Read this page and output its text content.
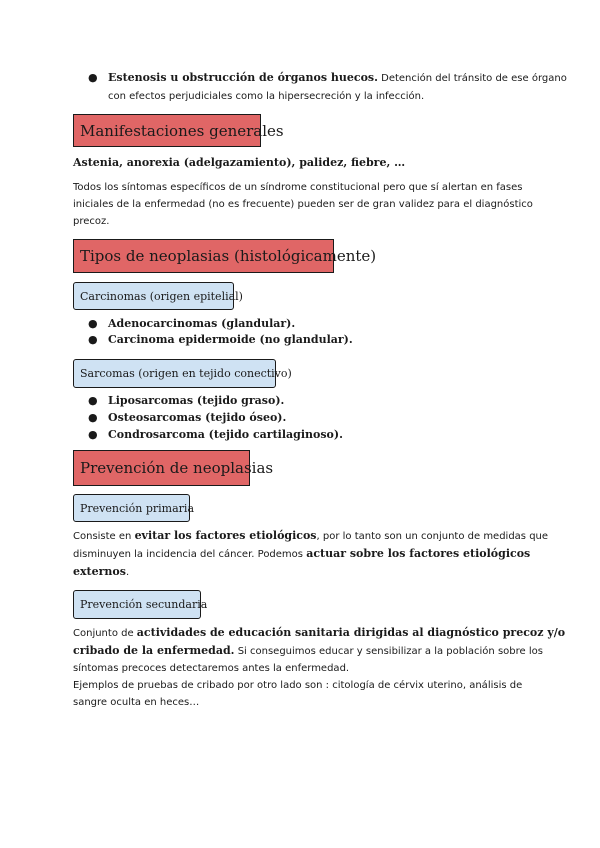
● Estenosis u obstrucción de órganos huecos. Detención del tránsito de ese órgano
con efectos perjudiciales como la hipersecreción y la infección.
Manifestaciones generales
Astenia, anorexia (adelgazamiento), palidez, fiebre, …
Todos los síntomas específicos de un síndrome constitucional pero que sí alertan en fases
iniciales de la enfermedad (no es frecuente) pueden ser de gran validez para el diagnóstico
precoz.
Tipos de neoplasias (histológicamente)
Carcinomas (origen epitelial)
● Adenocarcinomas (glandular).
● Carcinoma epidermoide (no glandular).
Sarcomas (origen en tejido conectivo)
● Liposarcomas (tejido graso).
● Osteosarcomas (tejido óseo).
● Condrosarcoma (tejido cartilaginoso).
Prevención de neoplasias
Prevención primaria
Consiste en evitar los factores etiológicos, por lo tanto son un conjunto de medidas que
disminuyen la incidencia del cáncer. Podemos actuar sobre los factores etiológicos
externos.
Prevención secundaria
Conjunto de actividades de educación sanitaria dirigidas al diagnóstico precoz y/o
cribado de la enfermedad. Si conseguimos educar y sensibilizar a la población sobre los
síntomas precoces detectaremos antes la enfermedad.
Ejemplos de pruebas de cribado por otro lado son : citología de cérvix uterino, análisis de
sangre oculta en heces…
